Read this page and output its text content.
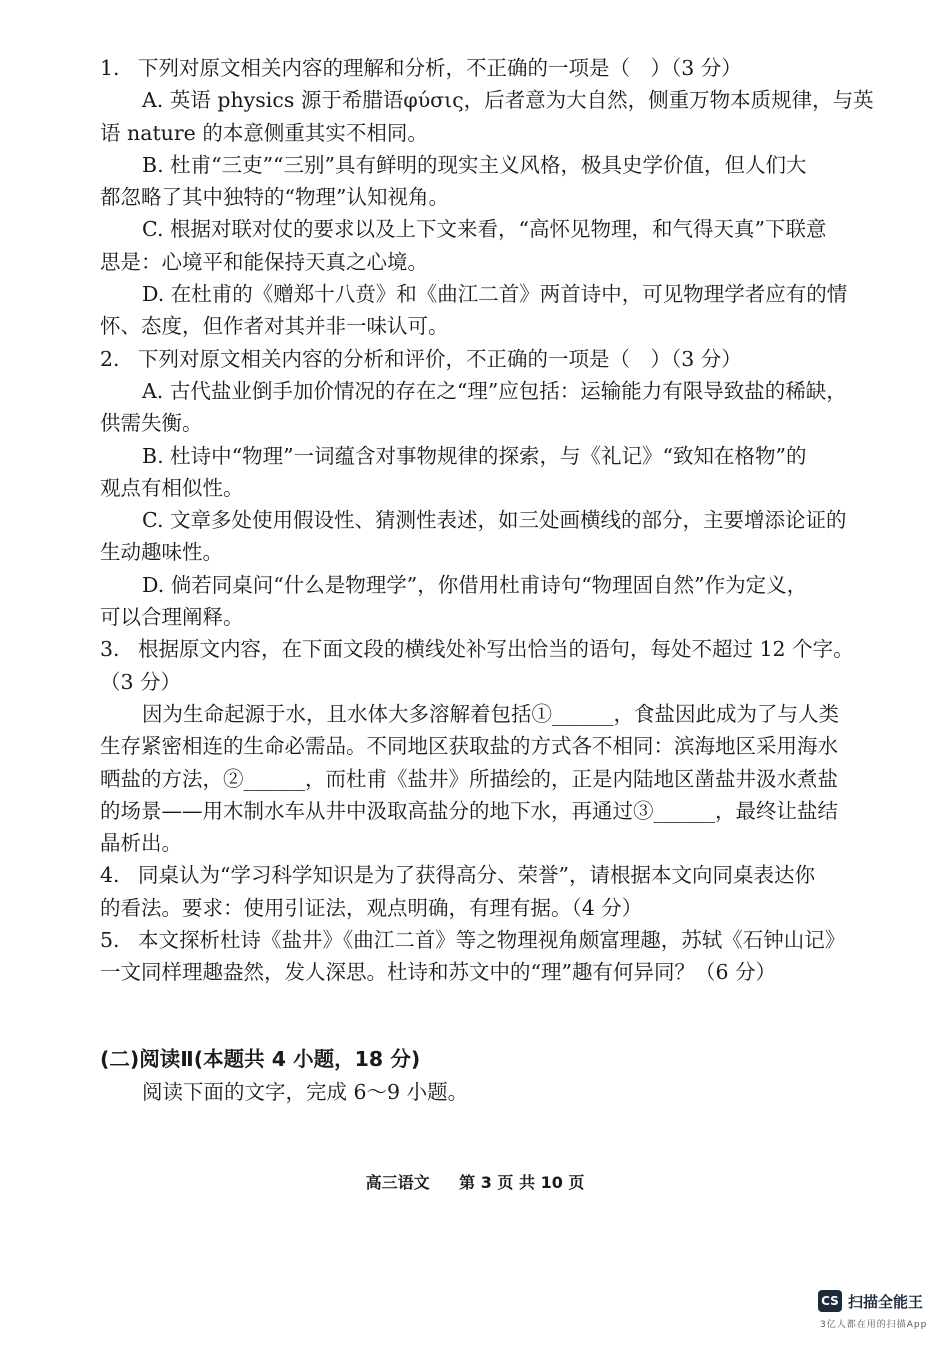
1. 下列对原文相关内容的理解和分析，不正确的一项是（　）（3 分）
A. 英语 physics 源于希腊语φύσις，后者意为大自然，侧重万物本质规律，与英
语 nature 的本意侧重其实不相同。
B. 杜甫“三吏”“三别”具有鲜明的现实主义风格，极具史学价值，但人们大
都忽略了其中独特的“物理”认知视角。
C. 根据对联对仗的要求以及上下文来看，“高怀见物理，和气得天真”下联意
思是：心境平和能保持天真之心境。
D. 在杜甫的《赠郑十八贲》和《曲江二首》两首诗中，可见物理学者应有的情
怀、态度，但作者对其并非一味认可。
2. 下列对原文相关内容的分析和评价，不正确的一项是（　）（3 分）
A. 古代盐业倒手加价情况的存在之“理”应包括：运输能力有限导致盐的稀缺，
供需失衡。
B. 杜诗中“物理”一词蕴含对事物规律的探索，与《礼记》“致知在格物”的
观点有相似性。
C. 文章多处使用假设性、猜测性表述，如三处画横线的部分，主要增添论证的
生动趣味性。
D. 倘若同桌问“什么是物理学”，你借用杜甫诗句“物理固自然”作为定义，
可以合理阐释。
3. 根据原文内容，在下面文段的横线处补写出恰当的语句，每处不超过 12 个字。
（3 分）
因为生命起源于水，且水体大多溶解着包括①______，食盐因此成为了与人类
生存紧密相连的生命必需品。不同地区获取盐的方式各不相同：滨海地区采用海水
晒盐的方法，②______，而杜甫《盐井》所描绘的，正是内陆地区凿盐井汲水煮盐
的场景——用木制水车从井中汲取高盐分的地下水，再通过③______，最终让盐结
晶析出。
4. 同桌认为“学习科学知识是为了获得高分、荣誉”，请根据本文向同桌表达你
的看法。要求：使用引证法，观点明确，有理有据。（4 分）
5. 本文探析杜诗《盐井》《曲江二首》等之物理视角颇富理趣，苏轼《石钟山记》
一文同样理趣盎然，发人深思。杜诗和苏文中的“理”趣有何异同？（6 分）
(二)阅读Ⅱ(本题共 4 小题，18 分)
阅读下面的文字，完成 6～9 小题。
高三语文 第 3 页 共 10 页
CS 扫描全能王
3亿人都在用的扫描App
